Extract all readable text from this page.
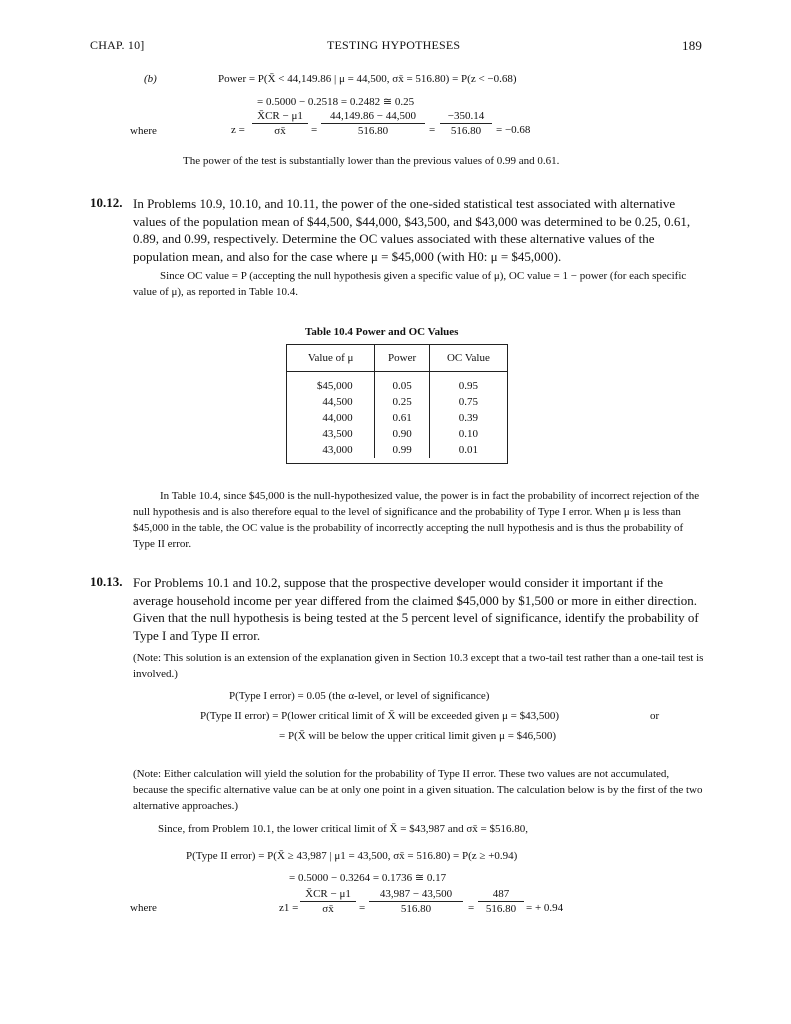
CHAP. 10]	TESTING HYPOTHESES	189
(b)	Power = P(X̄ < 44,149.86 | μ = 44,500, σx̄ = 516.80) = P(z < −0.68)
= 0.5000 − 0.2518 = 0.2482 ≅ 0.25
where	z =
X̄CR − μ1
σx̄	=
44,149.86 − 44,500
516.80	=
−350.14
516.80	= −0.68
The power of the test is substantially lower than the previous values of 0.99 and 0.61.
10.12. In Problems 10.9, 10.10, and 10.11, the power of the one-sided statistical test associated with alternative values of the population mean of $44,500, $44,000, $43,500, and $43,000 was determined to be 0.25, 0.61, 0.89, and 0.99, respectively. Determine the OC values associated with these alternative values of the population mean, and also for the case where μ = $45,000 (with H0: μ = $45,000).
Since OC value = P (accepting the null hypothesis given a specific value of μ), OC value = 1 − power (for each specific value of μ), as reported in Table 10.4.
Table 10.4 Power and OC Values
Value of μ	Power	OC Value
$45,000	0.05	0.95
44,500	0.25	0.75
44,000	0.61	0.39
43,500	0.90	0.10
43,000	0.99	0.01
In Table 10.4, since $45,000 is the null-hypothesized value, the power is in fact the probability of incorrect rejection of the null hypothesis and is also therefore equal to the level of significance and the probability of Type I error. When μ is less than $45,000 in the table, the OC value is the probability of incorrectly accepting the null hypothesis and is thus the probability of Type II error.
10.13. For Problems 10.1 and 10.2, suppose that the prospective developer would consider it important if the average household income per year differed from the claimed $45,000 by $1,500 or more in either direction. Given that the null hypothesis is being tested at the 5 percent level of significance, identify the probability of Type I and Type II error.
(Note: This solution is an extension of the explanation given in Section 10.3 except that a two-tail test rather than a one-tail test is involved.)
P(Type I error) = 0.05 (the α-level, or level of significance)
P(Type II error) = P(lower critical limit of X̄ will be exceeded given μ = $43,500)	or
= P(X̄ will be below the upper critical limit given μ = $46,500)
(Note: Either calculation will yield the solution for the probability of Type II error. These two values are not accumulated, because the specific alternative value can be at only one point in a given situation. The calculation below is by the first of the two alternative approaches.)
Since, from Problem 10.1, the lower critical limit of X̄ = $43,987 and σx̄ = $516.80,
P(Type II error) = P(X̄ ≥ 43,987 | μ1 = 43,500, σx̄ = 516.80) = P(z ≥ +0.94)
= 0.5000 − 0.3264 = 0.1736 ≅ 0.17
where	z1 =
X̄CR − μ1
σx̄	=
43,987 − 43,500
516.80	=
487
516.80 = + 0.94
